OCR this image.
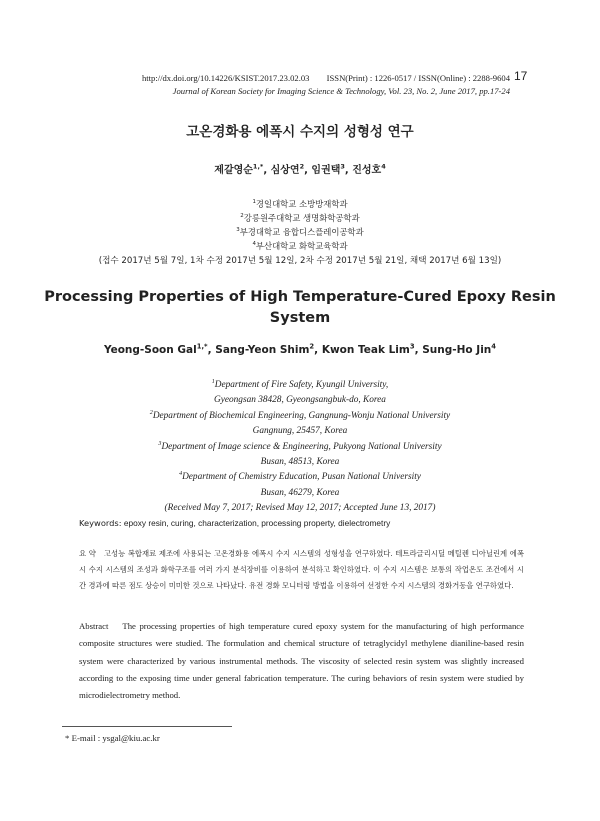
http://dx.doi.org/10.14226/KSIST.2017.23.02.03 ISSN(Print) : 1226-0517 / ISSN(Online) : 2288-9604 17
Journal of Korean Society for Imaging Science & Technology, Vol. 23, No. 2, June 2017, pp.17-24
고온경화용 에폭시 수지의 성형성 연구
제갈영순$^{1,*}$, 심상연$^2$, 임권택$^3$, 진성호$^4$
$^1$경일대학교 소방방재학과
$^2$강릉원주대학교 생명화학공학과
$^3$부경대학교 융합디스플레이공학과
$^4$부산대학교 화학교육학과
(접수 2017년 5월 7일, 1차 수정 2017년 5월 12일, 2차 수정 2017년 5월 21일, 채택 2017년 6월 13일)
Processing Properties of High Temperature-Cured Epoxy Resin
System
Yeong-Soon Gal$^{1,*}$, Sang-Yeon Shim$^2$, Kwon Teak Lim$^3$, Sung-Ho Jin$^4$
$^1$Department of Fire Safety, Kyungil University,
Gyeongsan 38428, Gyeongsangbuk-do, Korea
$^2$Department of Biochemical Engineering, Gangnung-Wonju National University
Gangnung, 25457, Korea
$^3$Department of Image science & Engineering, Pukyong National University
Busan, 48513, Korea
$^4$Department of Chemistry Education, Pusan National University
Busan, 46279, Korea
(Received May 7, 2017; Revised May 12, 2017; Accepted June 13, 2017)
Keywords: epoxy resin, curing, characterization, processing property, dielectrometry
요 약 고성능 복합재료 제조에 사용되는 고온경화용 에폭시 수지 시스템의 성형성을 연구하였다. 테트라글리시딜 메틸렌 디아닐린계 에폭시 수지 시스템의 조성과 화학구조를 여러 가지 분석장비를 이용하여 분석하고 확인하였다. 이 수지 시스템은 보통의 작업온도 조건에서 시간 경과에 따른 점도 상승이 미미한 것으로 나타났다. 유전 경화 모니터링 방법을 이용하여 선정한 수지 시스템의 경화거동을 연구하였다.
Abstract The processing properties of high temperature cured epoxy system for the manufacturing of high performance composite structures were studied. The formulation and chemical structure of tetraglycidyl methylene dianiline-based resin system were characterized by various instrumental methods. The viscosity of selected resin system was slightly increased according to the exposing time under general fabrication temperature. The curing behaviors of resin system were studied by microdielectrometry method.
* E-mail : ysgal@kiu.ac.kr
